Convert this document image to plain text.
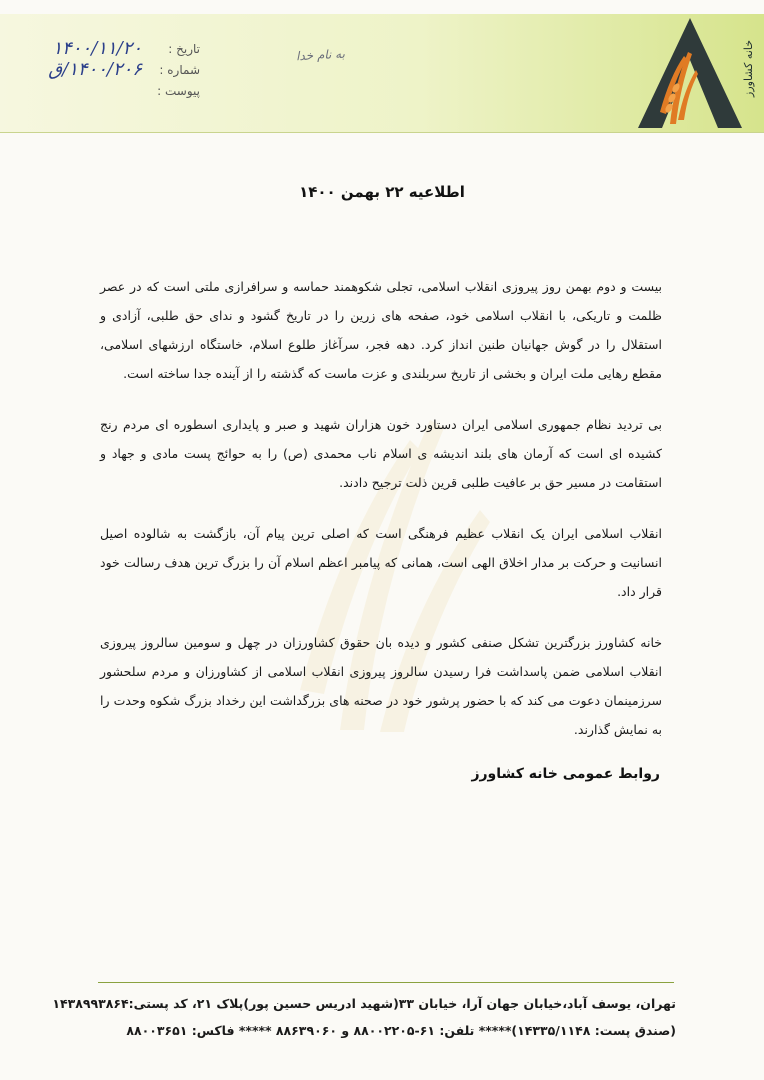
خانه کشاورز
تاریخ :
۱۴۰۰/۱۱/۲۰
شماره :
۱۴۰۰/۲۰۶/ق
پیوست :
به نام خدا
اطلاعیه ۲۲ بهمن ۱۴۰۰

بیست و دوم بهمن روز پیروزی انقلاب اسلامی، تجلی شکوهمند حماسه و سرافرازی ملتی است که در عصر ظلمت و تاریکی، با انقلاب اسلامی خود، صفحه های زرین را در تاریخ گشود و ندای حق طلبی، آزادی و استقلال را در گوش جهانیان طنین انداز کرد. دهه فجر، سرآغاز طلوع اسلام، خاستگاه ارزشهای اسلامی، مقطع رهایی ملت ایران و بخشی از تاریخ سربلندی و عزت ماست که گذشته را از آینده جدا ساخته است.

بی تردید نظام جمهوری اسلامی ایران دستاورد خون هزاران شهید و صبر و پایداری اسطوره ای مردم رنج کشیده ای است که آرمان های بلند اندیشه ی اسلام ناب محمدی (ص) را به حوائج پست مادی و جهاد و استقامت در مسیر حق بر عافیت طلبی قرین ذلت ترجیح دادند.

انقلاب اسلامی ایران یک انقلاب عظیم فرهنگی است که اصلی ترین پیام آن، بازگشت به شالوده اصیل انسانیت و حرکت بر مدار اخلاق الهی است، همانی که پیامبر اعظم اسلام آن را بزرگ ترین هدف رسالت خود قرار داد.

خانه کشاورز بزرگترین تشکل صنفی کشور و دیده بان حقوق کشاورزان در چهل و سومین سالروز پیروزی انقلاب اسلامی ضمن پاسداشت فرا رسیدن سالروز پیروزی انقلاب اسلامی از کشاورزان و مردم سلحشور سرزمینمان دعوت می کند که با حضور پرشور خود در صحنه های بزرگداشت این رخداد بزرگ شکوه وحدت را به نمایش گذارند.

روابط عمومی خانه کشاورز
تهران، یوسف آباد،خیابان جهان آرا، خیابان ۳۳(شهید ادریس حسین پور)پلاک ۲۱، کد پستی:۱۴۳۸۹۹۳۸۶۴
(صندق پست: ۱۴۳۳۵/۱۱۴۸)***** تلفن: ۶۱-۸۸۰۰۲۲۰۵ و ۸۸۶۳۹۰۶۰ ***** فاکس: ۸۸۰۰۳۶۵۱
